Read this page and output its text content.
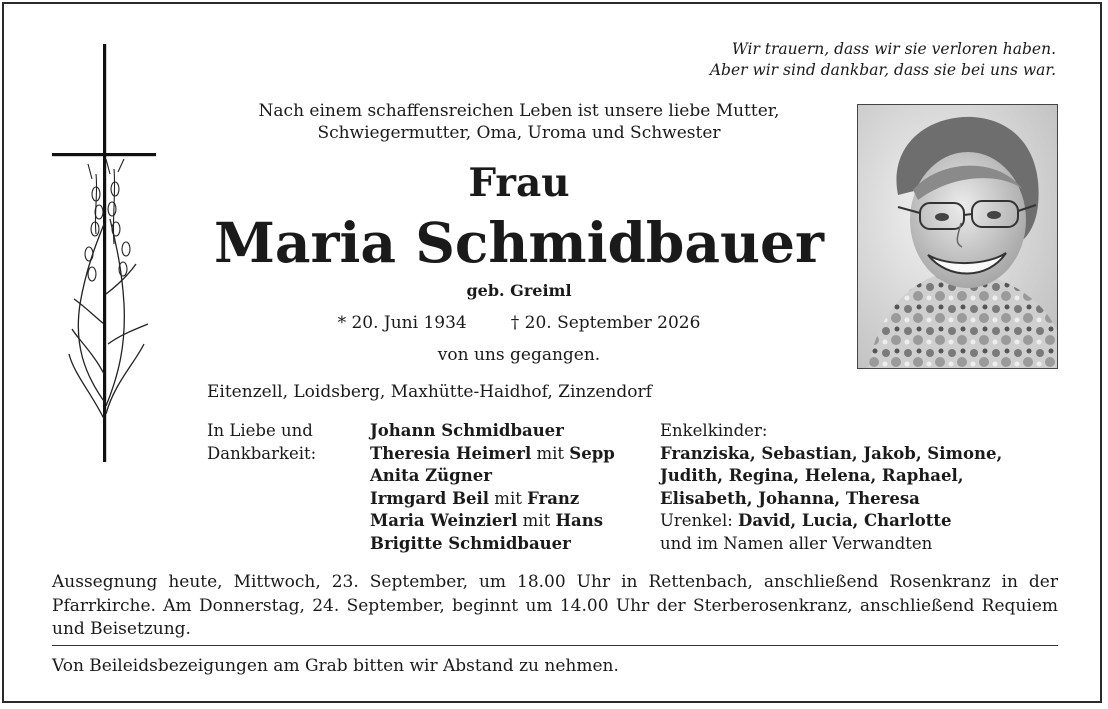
Wir trauern, dass wir sie verloren haben.
Aber wir sind dankbar, dass sie bei uns war.
Nach einem schaffensreichen Leben ist unsere liebe Mutter,
Schwiegermutter, Oma, Uroma und Schwester
Frau
Maria Schmidbauer
geb. Greiml
* 20. Juni 1934	† 20. September 2026
von uns gegangen.
Eitenzell, Loidsberg, Maxhütte-Haidhof, Zinzendorf
In Liebe und
Dankbarkeit:
Johann Schmidbauer
Theresia Heimerl mit Sepp
Anita Zügner
Irmgard Beil mit Franz
Maria Weinzierl mit Hans
Brigitte Schmidbauer
Enkelkinder:
Franziska, Sebastian, Jakob, Simone,
Judith, Regina, Helena, Raphael,
Elisabeth, Johanna, Theresa
Urenkel: David, Lucia, Charlotte
und im Namen aller Verwandten
Aussegnung heute, Mittwoch, 23. September, um 18.00 Uhr in Rettenbach, anschließend Rosenkranz in der Pfarrkirche. Am Donnerstag, 24. September, beginnt um 14.00 Uhr der Sterberosenkranz, anschließend Requiem und Beisetzung.
Von Beileidsbezeigungen am Grab bitten wir Abstand zu nehmen.
